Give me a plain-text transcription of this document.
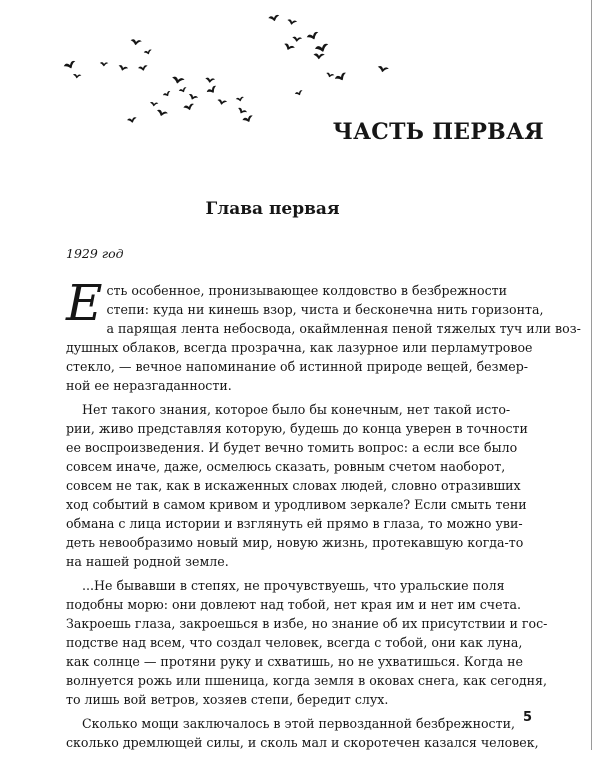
ЧАСТЬ ПЕРВАЯ
Глава первая
1929 год
Е сть особенное, пронизывающее колдовство в безбрежности
степи: куда ни кинешь взор, чиста и бесконечна нить горизонта,
а парящая лента небосвода, окаймленная пеной тяжелых туч или воз-
душных облаков, всегда прозрачна, как лазурное или перламутровое
стекло, — вечное напоминание об истинной природе вещей, безмер-
ной ее неразгаданности.
Нет такого знания, которое было бы конечным, нет такой исто-
рии, живо представляя которую, будешь до конца уверен в точности
ее воспроизведения. И будет вечно томить вопрос: а если все было
совсем иначе, даже, осмелюсь сказать, ровным счетом наоборот,
совсем не так, как в искаженных словах людей, словно отразивших
ход событий в самом кривом и уродливом зеркале? Если смыть тени
обмана с лица истории и взглянуть ей прямо в глаза, то можно уви-
деть невообразимо новый мир, новую жизнь, протекавшую когда-то
на нашей родной земле.
...Не бывавши в степях, не прочувствуешь, что уральские поля
подобны морю: они довлеют над тобой, нет края им и нет им счета.
Закроешь глаза, закроешься в избе, но знание об их присутствии и гос-
подстве над всем, что создал человек, всегда с тобой, они как луна,
как солнце — протяни руку и схватишь, но не ухватишься. Когда не
волнуется рожь или пшеница, когда земля в оковах снега, как сегодня,
то лишь вой ветров, хозяев степи, бередит слух.
Сколько мощи заключалось в этой первозданной безбрежности,
сколько дремлющей силы, и сколь мал и скоротечен казался человек,
5
